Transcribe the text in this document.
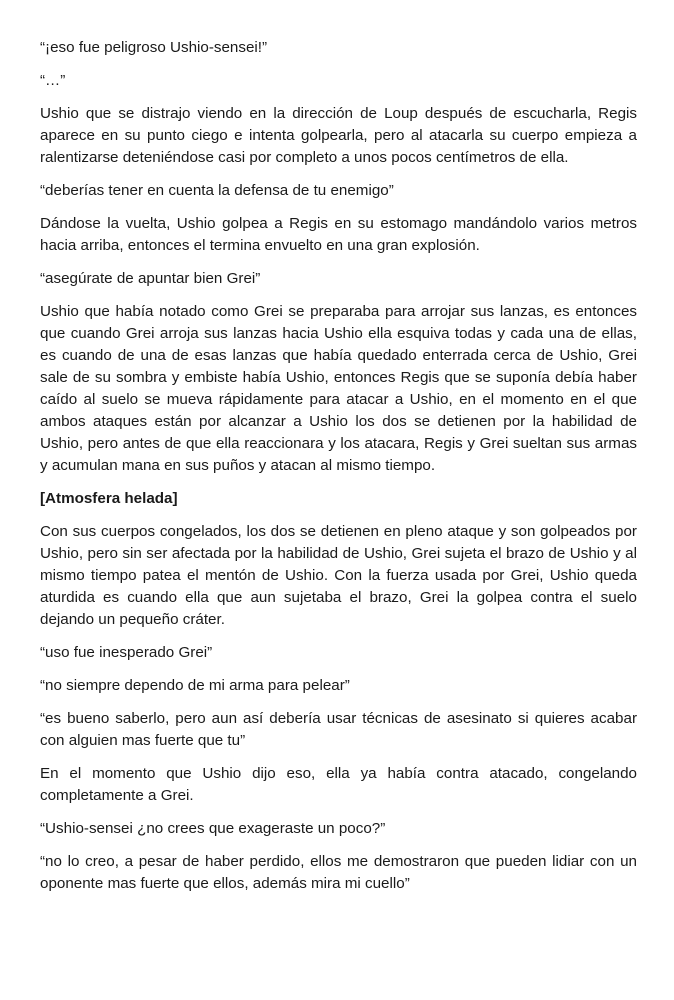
“¡eso fue peligroso Ushio-sensei!”

“…”

Ushio que se distrajo viendo en la dirección de Loup después de escucharla, Regis aparece en su punto ciego e intenta golpearla, pero al atacarla su cuerpo empieza a ralentizarse deteniéndose casi por completo a unos pocos centímetros de ella.

“deberías tener en cuenta la defensa de tu enemigo”

Dándose la vuelta, Ushio golpea a Regis en su estomago mandándolo varios metros hacia arriba, entonces el termina envuelto en una gran explosión.

“asegúrate de apuntar bien Grei”

Ushio que había notado como Grei se preparaba para arrojar sus lanzas, es entonces que cuando Grei arroja sus lanzas hacia Ushio ella esquiva todas y cada una de ellas, es cuando de una de esas lanzas que había quedado enterrada cerca de Ushio, Grei sale de su sombra y embiste había Ushio, entonces Regis que se suponía debía haber caído al suelo se mueva rápidamente para atacar a Ushio, en el momento en el que ambos ataques están por alcanzar a Ushio los dos se detienen por la habilidad de Ushio, pero antes de que ella reaccionara y los atacara, Regis y Grei sueltan sus armas y acumulan mana en sus puños y atacan al mismo tiempo.

[Atmosfera helada]

Con sus cuerpos congelados, los dos se detienen en pleno ataque y son golpeados por Ushio, pero sin ser afectada por la habilidad de Ushio, Grei sujeta el brazo de Ushio y al mismo tiempo patea el mentón de Ushio. Con la fuerza usada por Grei, Ushio queda aturdida es cuando ella que aun sujetaba el brazo, Grei la golpea contra el suelo dejando un pequeño cráter.

“uso fue inesperado Grei”

“no siempre dependo de mi arma para pelear”

“es bueno saberlo, pero aun así debería usar técnicas de asesinato si quieres acabar con alguien mas fuerte que tu”

En el momento que Ushio dijo eso, ella ya había contra atacado, congelando completamente a Grei.

“Ushio-sensei ¿no crees que exageraste un poco?”

“no lo creo, a pesar de haber perdido, ellos me demostraron que pueden lidiar con un oponente mas fuerte que ellos, además mira mi cuello”
